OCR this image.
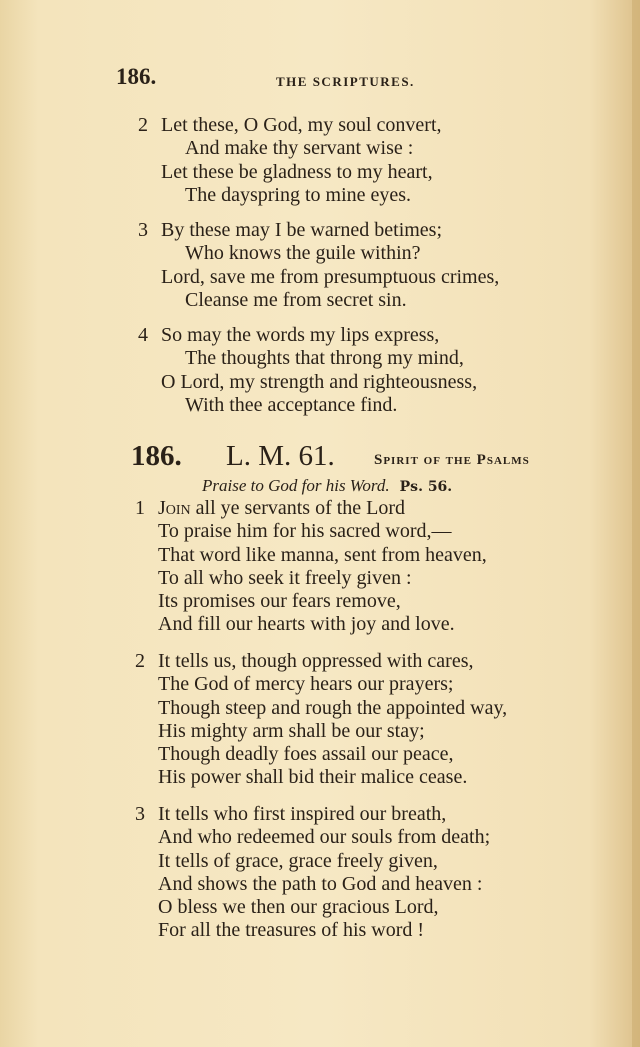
186.	THE SCRIPTURES.
2 Let these, O God, my soul convert,
And make thy servant wise :
Let these be gladness to my heart,
The dayspring to mine eyes.
3 By these may I be warned betimes;
Who knows the guile within?
Lord, save me from presumptuous crimes,
Cleanse me from secret sin.
4 So may the words my lips express,
The thoughts that throng my mind,
O Lord, my strength and righteousness,
With thee acceptance find.
186. L. M. 61.	Spirit of the Psalms
Praise to God for his Word. Ps. 56.
1 Join all ye servants of the Lord
To praise him for his sacred word,—
That word like manna, sent from heaven,
To all who seek it freely given :
Its promises our fears remove,
And fill our hearts with joy and love.
2 It tells us, though oppressed with cares,
The God of mercy hears our prayers;
Though steep and rough the appointed way,
His mighty arm shall be our stay;
Though deadly foes assail our peace,
His power shall bid their malice cease.
3 It tells who first inspired our breath,
And who redeemed our souls from death;
It tells of grace, grace freely given,
And shows the path to God and heaven :
O bless we then our gracious Lord,
For all the treasures of his word !
